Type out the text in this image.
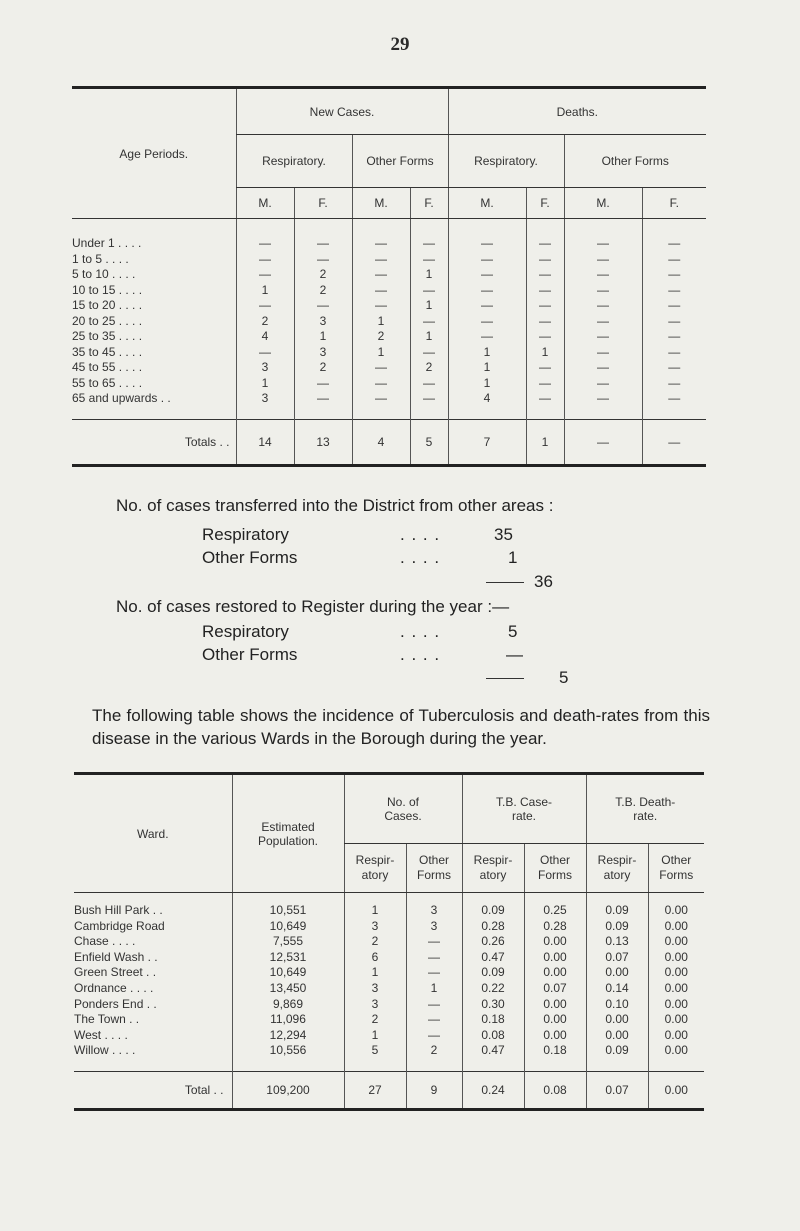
29

Age Periods.	New Cases.				Deaths.			
	Respiratory.		Other Forms		Respiratory.		Other Forms	
	M.	F.	M.	F.	M.	F.	M.	F.

Under 1 . . . .	—	—	—	—	—	—	—	—
1 to 5 . . . .	—	—	—	—	—	—	—	—
5 to 10 . . . .	—	2	—	1	—	—	—	—
10 to 15 . . . .	1	2	—	—	—	—	—	—
15 to 20 . . . .	—	—	—	1	—	—	—	—
20 to 25 . . . .	2	3	1	—	—	—	—	—
25 to 35 . . . .	4	1	2	1	—	—	—	—
35 to 45 . . . .	—	3	1	—	1	1	—	—
45 to 55 . . . .	3	2	—	2	1	—	—	—
55 to 65 . . . .	1	—	—	—	1	—	—	—
65 and upwards . .	3	—	—	—	4	—	—	—

Totals . .	14	13	4	5	7	1	—	—

No. of cases transferred into the District from other areas :
Respiratory	. . . .	35
Other Forms	. . . .	1
36
No. of cases restored to Register during the year :—
Respiratory	. . . .	5
Other Forms	. . . .	—
5
The following table shows the incidence of Tuberculosis and death-rates from this disease in the various Wards in the Borough during the year.

Ward.	Estimated Population.	No. of Cases.		T.B. Case-rate.		T.B. Death-rate.	
		Respir- atory	Other Forms	Respir- atory	Other Forms	Respir- atory	Other Forms

Bush Hill Park . .	10,551	1	3	0.09	0.25	0.09	0.00
Cambridge Road	10,649	3	3	0.28	0.28	0.09	0.00
Chase . . . .	7,555	2	—	0.26	0.00	0.13	0.00
Enfield Wash . .	12,531	6	—	0.47	0.00	0.07	0.00
Green Street . .	10,649	1	—	0.09	0.00	0.00	0.00
Ordnance . . . .	13,450	3	1	0.22	0.07	0.14	0.00
Ponders End . .	9,869	3	—	0.30	0.00	0.10	0.00
The Town . .	11,096	2	—	0.18	0.00	0.00	0.00
West . . . .	12,294	1	—	0.08	0.00	0.00	0.00
Willow . . . .	10,556	5	2	0.47	0.18	0.09	0.00

Total . .	109,200	27	9	0.24	0.08	0.07	0.00
